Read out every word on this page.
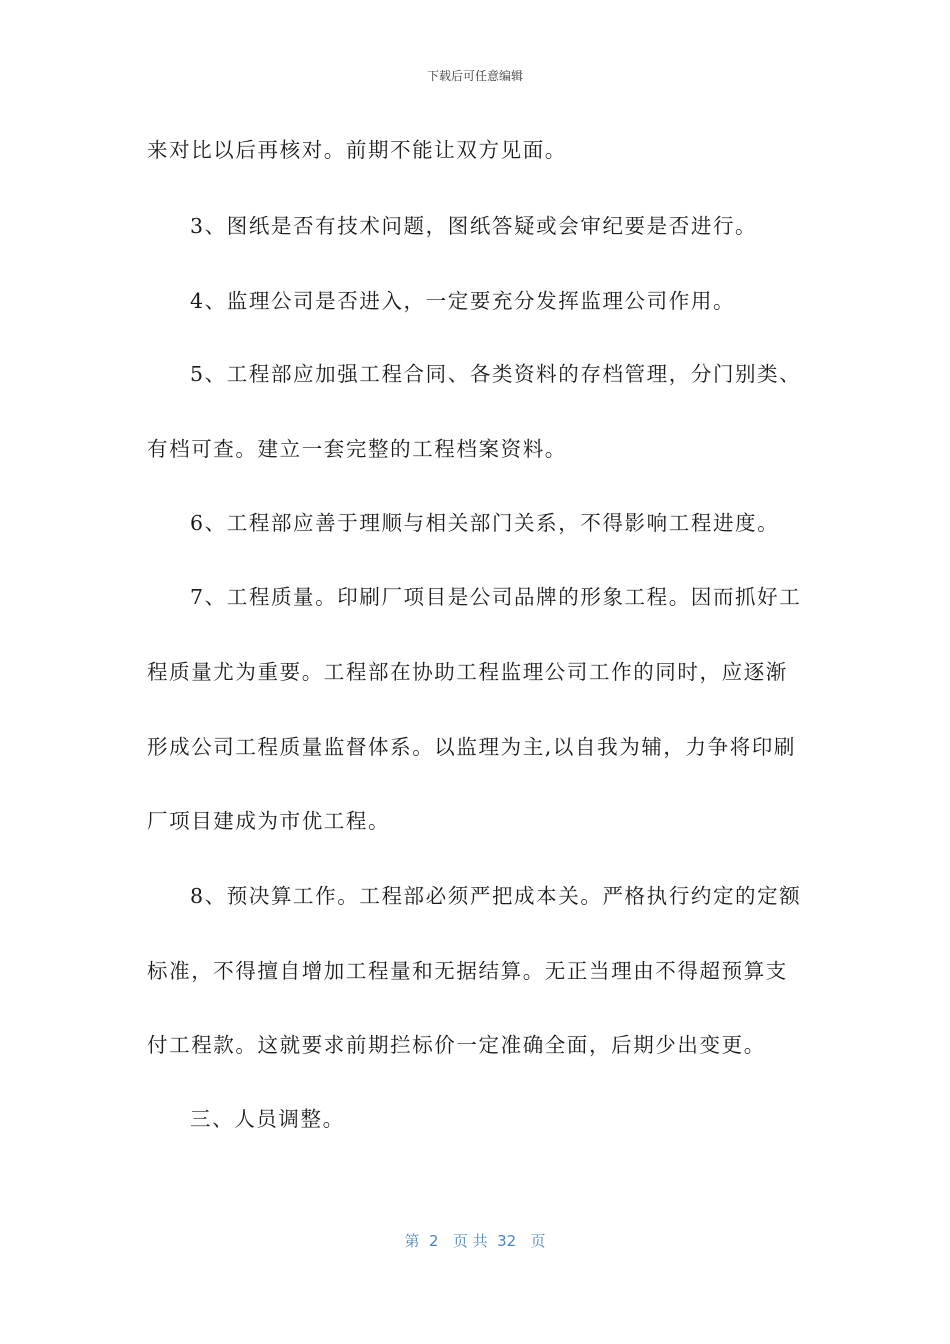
下载后可任意编辑

来对比以后再核对。前期不能让双方见面。

3、图纸是否有技术问题，图纸答疑或会审纪要是否进行。

4、监理公司是否进入，一定要充分发挥监理公司作用。

5、工程部应加强工程合同、各类资料的存档管理，分门别类、

有档可查。建立一套完整的工程档案资料。

6、工程部应善于理顺与相关部门关系，不得影响工程进度。

7、工程质量。印刷厂项目是公司品牌的形象工程。因而抓好工

程质量尤为重要。工程部在协助工程监理公司工作的同时，应逐渐

形成公司工程质量监督体系。以监理为主,以自我为辅，力争将印刷

厂项目建成为市优工程。

8、预决算工作。工程部必须严把成本关。严格执行约定的定额

标准，不得擅自增加工程量和无据结算。无正当理由不得超预算支

付工程款。这就要求前期拦标价一定准确全面，后期少出变更。

三、人员调整。

第  2   页 共  32   页
